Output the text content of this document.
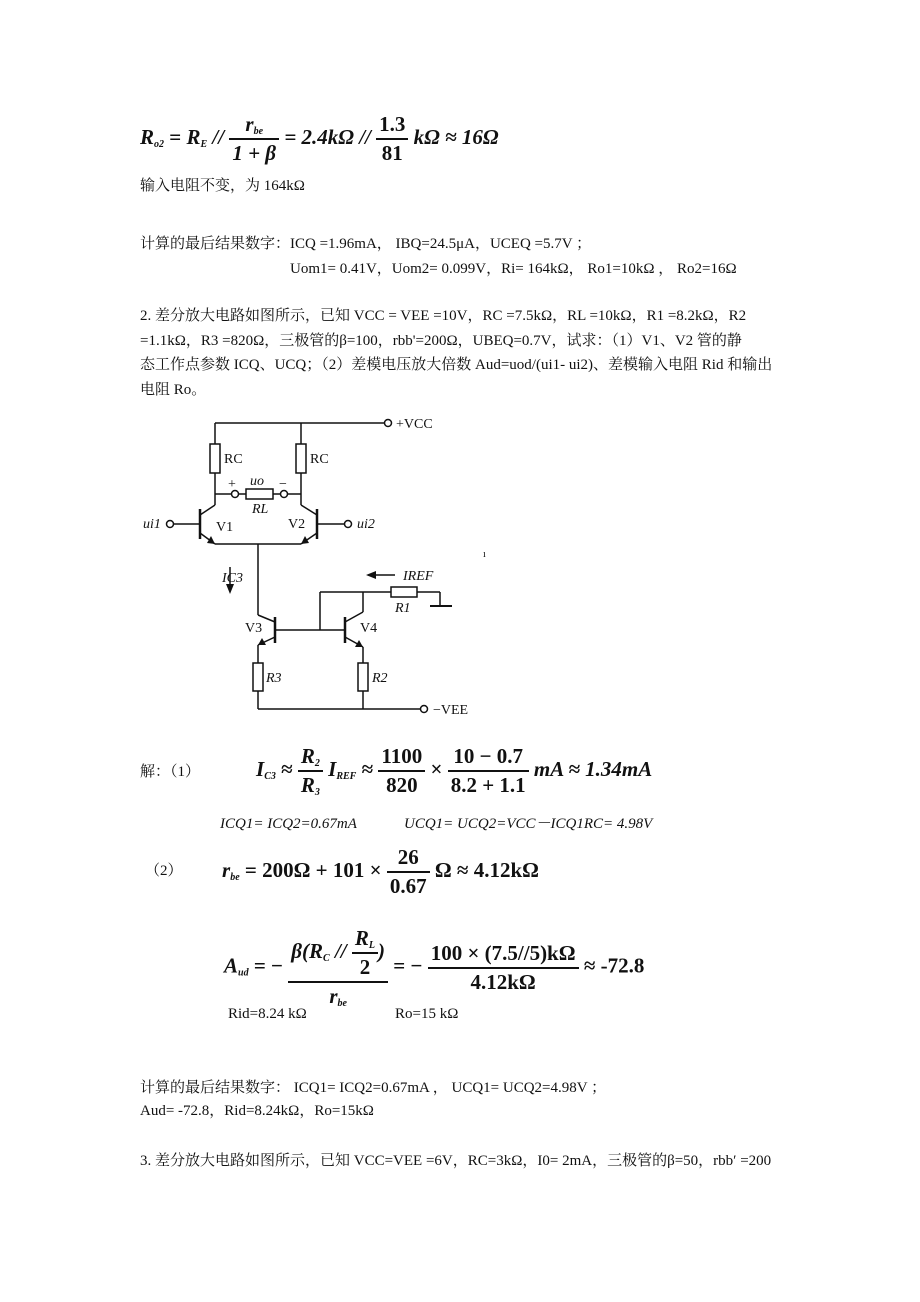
$R_{o2} = R_E // \frac{r_{be}}{1 + \beta} = 2.4k\Omega // \frac{1.3}{81}$ kΩ ≈ 16Ω
输入电阻不变，为 164kΩ
计算的最后结果数字：ICQ =1.96mA， IBQ=24.5μA，UCEQ =5.7V ；
Uom1= 0.41V，Uom2= 0.099V，Ri= 164kΩ， Ro1=10kΩ ， Ro2=16Ω
2. 差分放大电路如图所示，已知 VCC = VEE =10V，RC =7.5kΩ，RL =10kΩ，R1 =8.2kΩ，R2
=1.1kΩ，R3 =820Ω，三极管的β=100，rbb'=200Ω，UBEQ=0.7V，试求：（1）V1、V2 管的静
态工作点参数 ICQ、UCQ；（2）差模电压放大倍数 Aud=uod/(ui1- ui2)、差模输入电阻 Rid 和输出
电阻 Ro。
+VCC
RC	RC
uo
+	−
RL
ui1	ui2
V1	V2
IC3	IREF
R1
V3	V4
R3	R2
−VEE
ı
解：（1）	$I_{C3} \approx \frac{R_2}{R_3} I_{REF} \approx \frac{1100}{820} \times \frac{10 - 0.7}{8.2 + 1.1}$ mA ≈ 1.34mA
ICQ1= ICQ2=0.67mA	UCQ1= UCQ2=VCC－ICQ1RC= 4.98V
（2） $r_{be} = 200\Omega + 101 \times \frac{26}{0.67}$ Ω ≈ 4.12kΩ
$A_{ud}$ = − $\frac{\beta(R_C // \frac{R_L}{2} )}{r_{be}}$ = − $\frac{100 \times (7.5//5)k\Omega}{4.12k\Omega} \approx -72.8$
Rid=8.24 kΩ	Ro=15 kΩ
计算的最后结果数字： ICQ1= ICQ2=0.67mA ， UCQ1= UCQ2=4.98V ；
Aud= -72.8，Rid=8.24kΩ，Ro=15kΩ
3. 差分放大电路如图所示，已知 VCC=VEE =6V，RC=3kΩ，I0= 2mA，三极管的β=50，rbb′ =200
